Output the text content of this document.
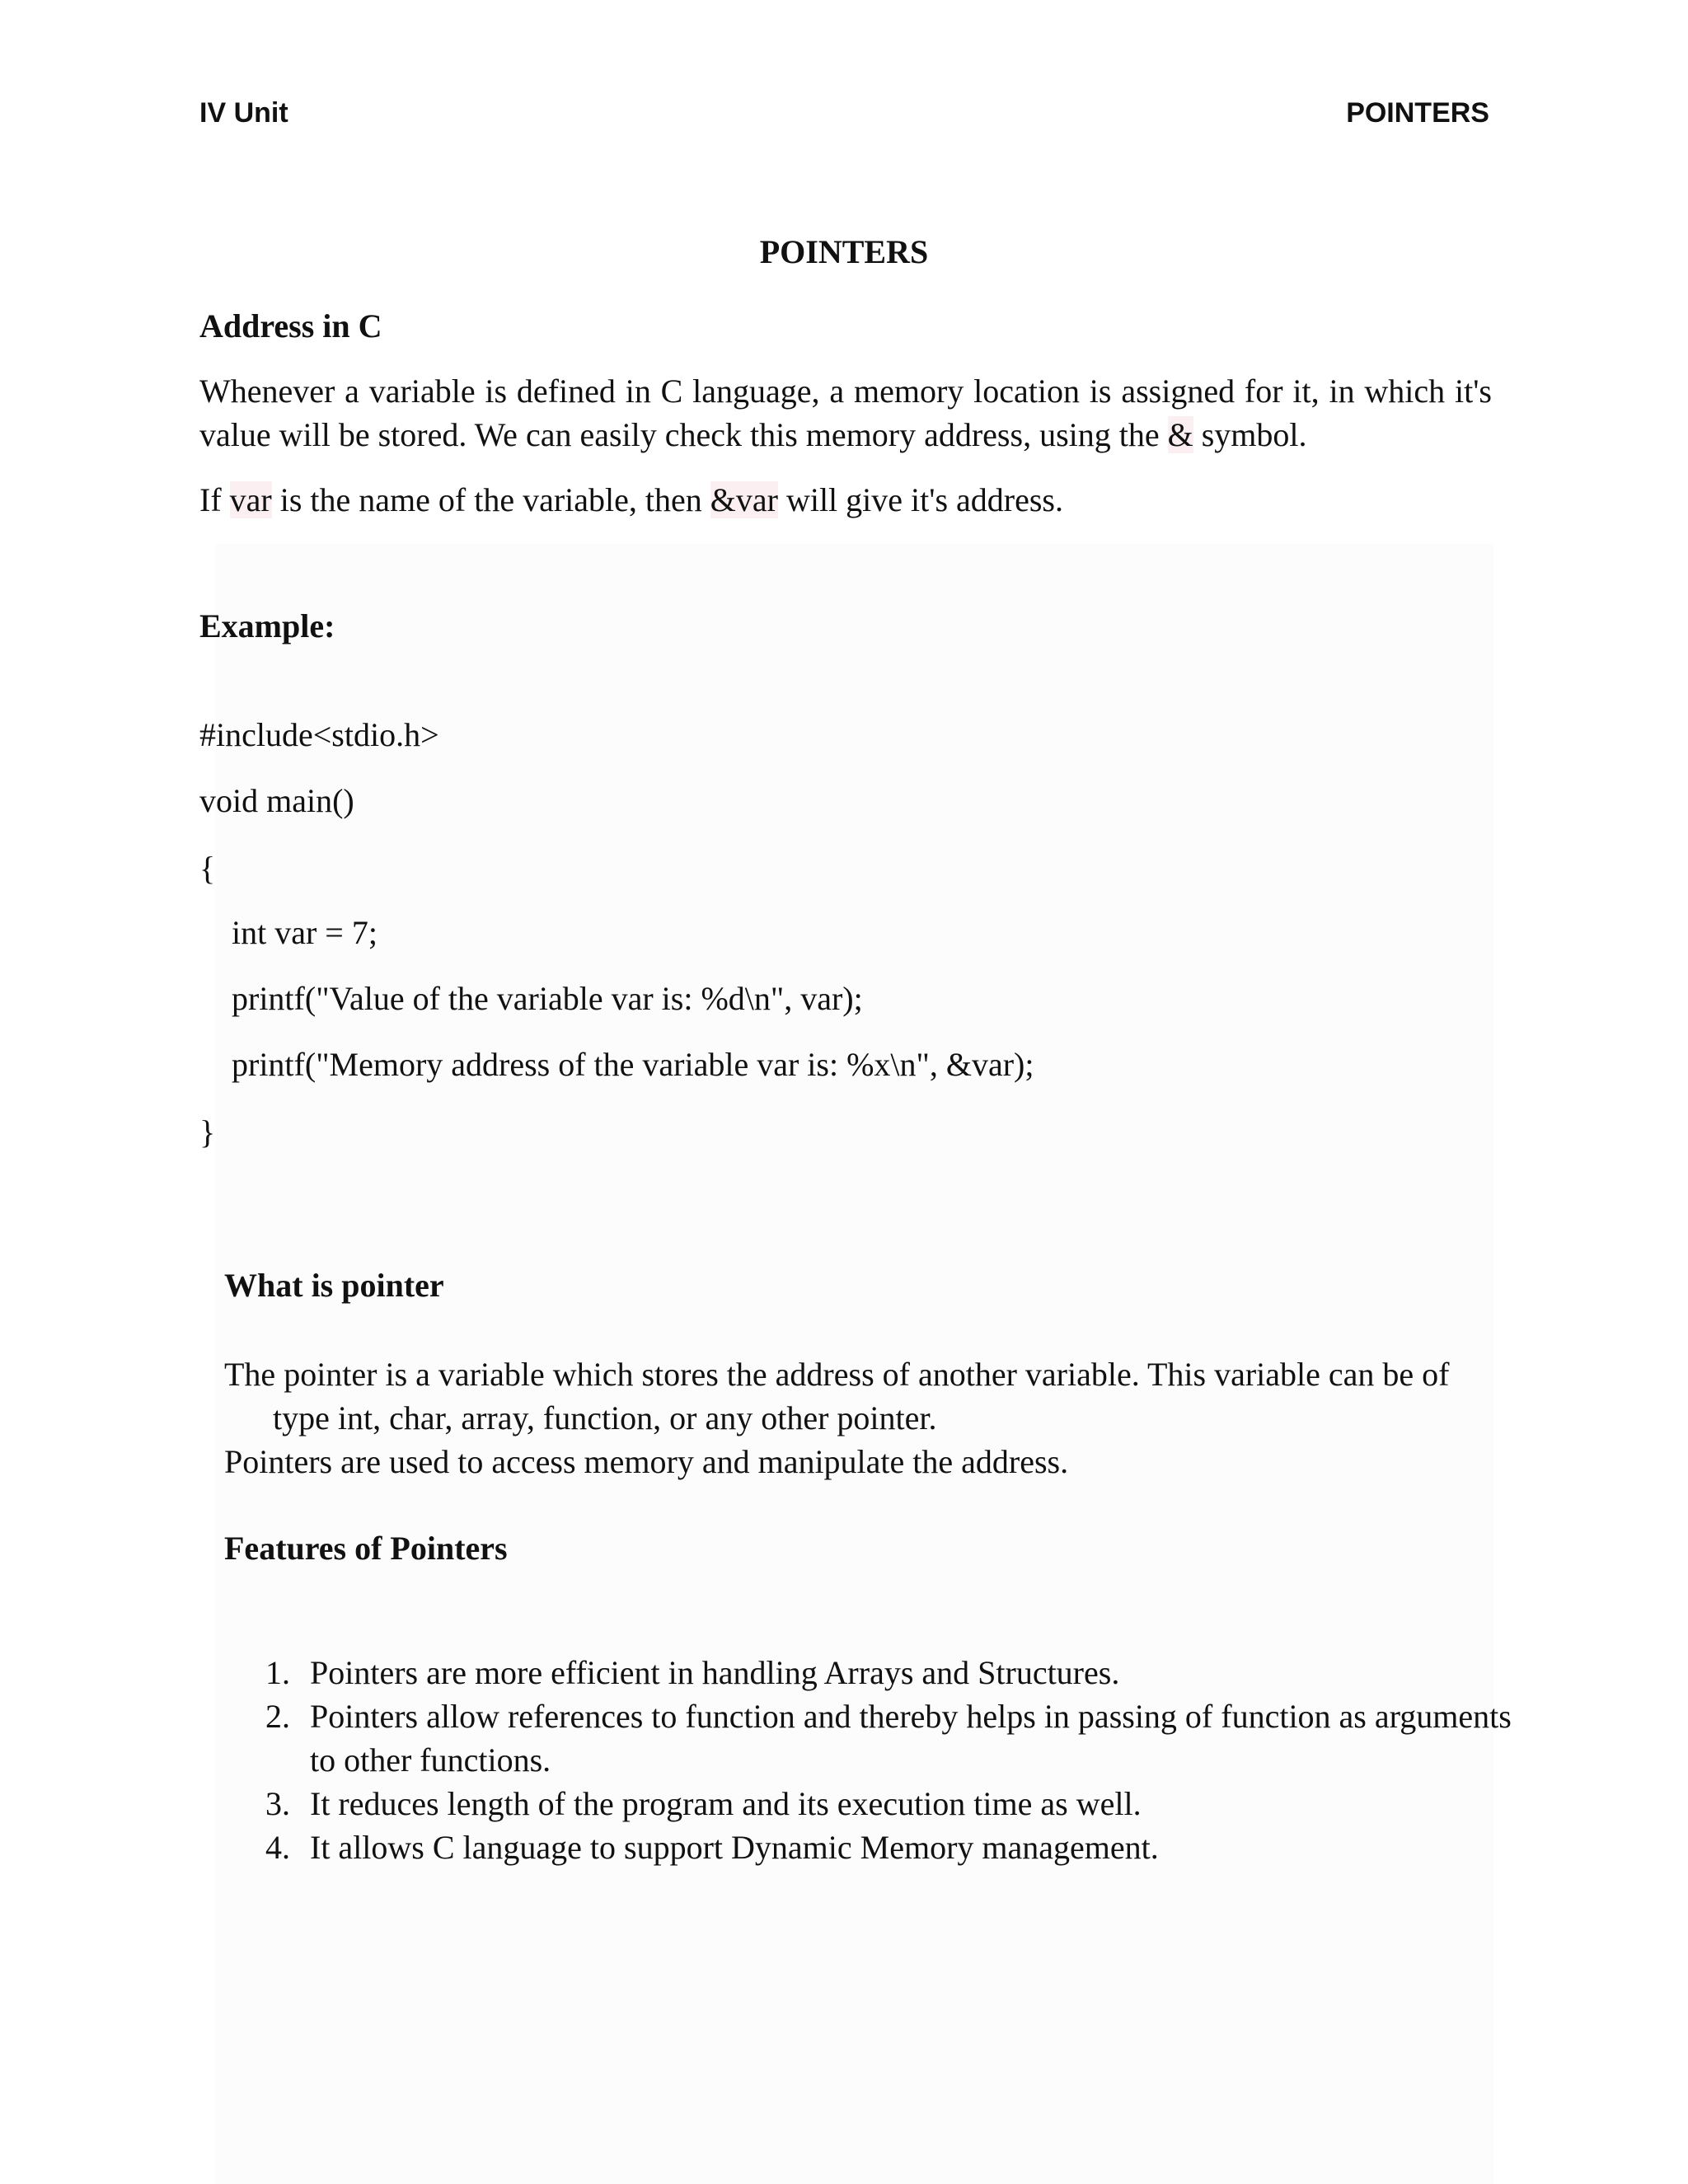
IV Unit	POINTERS
POINTERS
Address in C
Whenever a variable is defined in C language, a memory location is assigned for it, in which it's value will be stored. We can easily check this memory address, using the & symbol.
If var is the name of the variable, then &var will give it's address.
Example:
#include<stdio.h>
void main()
{
int var = 7;
printf("Value of the variable var is: %d\n", var);
printf("Memory address of the variable var is: %x\n", &var);
}
What is pointer
The pointer is a variable which stores the address of another variable. This variable can be of
type int, char, array, function, or any other pointer.
Pointers are used to access memory and manipulate the address.
Features of Pointers
1. Pointers are more efficient in handling Arrays and Structures.
2. Pointers allow references to function and thereby helps in passing of function as arguments to other functions.
3. It reduces length of the program and its execution time as well.
4. It allows C language to support Dynamic Memory management.
